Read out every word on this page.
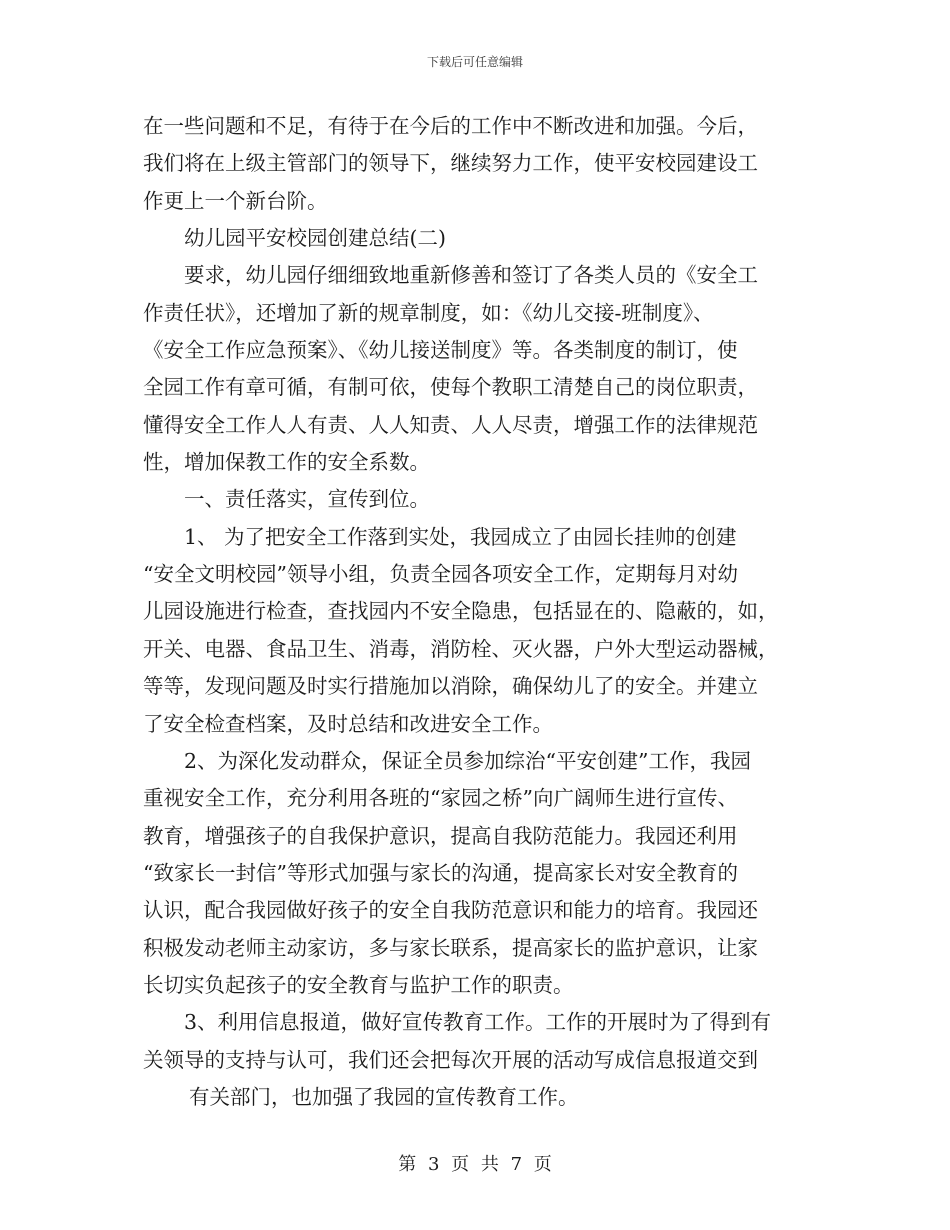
下载后可任意编辑
在一些问题和不足，有待于在今后的工作中不断改进和加强。今后，
我们将在上级主管部门的领导下，继续努力工作，使平安校园建设工
作更上一个新台阶。
幼儿园平安校园创建总结(二)
要求，幼儿园仔细细致地重新修善和签订了各类人员的《安全工
作责任状》，还增加了新的规章制度，如：《幼儿交接-班制度》、
《安全工作应急预案》、《幼儿接送制度》等。各类制度的制订，使
全园工作有章可循，有制可依，使每个教职工清楚自己的岗位职责，
懂得安全工作人人有责、人人知责、人人尽责，增强工作的法律规范
性，增加保教工作的安全系数。
一、责任落实，宣传到位。
1、 为了把安全工作落到实处，我园成立了由园长挂帅的创建
“安全文明校园”领导小组，负责全园各项安全工作，定期每月对幼
儿园设施进行检查，查找园内不安全隐患，包括显在的、隐蔽的，如，
开关、电器、食品卫生、消毒，消防栓、灭火器，户外大型运动器械，
等等，发现问题及时实行措施加以消除，确保幼儿了的安全。并建立
了安全检查档案，及时总结和改进安全工作。
2、为深化发动群众，保证全员参加综治“平安创建”工作，我园
重视安全工作，充分利用各班的“家园之桥”向广阔师生进行宣传、
教育，增强孩子的自我保护意识，提高自我防范能力。我园还利用
“致家长一封信”等形式加强与家长的沟通，提高家长对安全教育的
认识，配合我园做好孩子的安全自我防范意识和能力的培育。我园还
积极发动老师主动家访，多与家长联系，提高家长的监护意识，让家
长切实负起孩子的安全教育与监护工作的职责。
3、利用信息报道，做好宣传教育工作。工作的开展时为了得到有
关领导的支持与认可，我们还会把每次开展的活动写成信息报道交到
有关部门，也加强了我园的宣传教育工作。
第 3 页 共 7 页
